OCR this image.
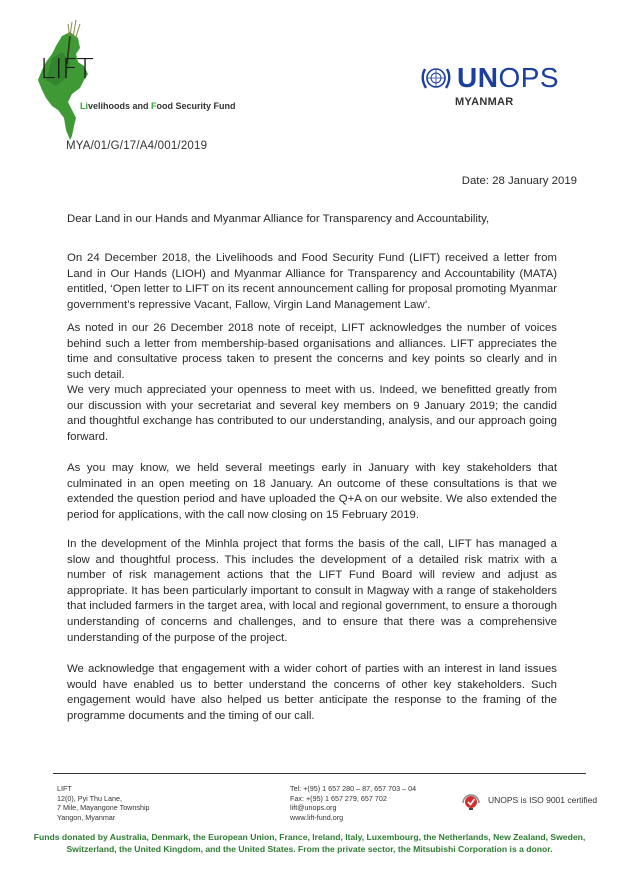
LIFT
Livelihoods and Food Security Fund
MYA/01/G/17/A4/001/2019
UNOPS
MYANMAR
Date: 28 January 2019
Dear Land in our Hands and Myanmar Alliance for Transparency and Accountability,

On 24 December 2018, the Livelihoods and Food Security Fund (LIFT) received a letter from Land in Our Hands (LIOH) and Myanmar Alliance for Transparency and Accountability (MATA) entitled, ‘Open letter to LIFT on its recent announcement calling for proposal promoting Myanmar government’s repressive Vacant, Fallow, Virgin Land Management Law’.

As noted in our 26 December 2018 note of receipt, LIFT acknowledges the number of voices behind such a letter from membership-based organisations and alliances. LIFT appreciates the time and consultative process taken to present the concerns and key points so clearly and in such detail.

We very much appreciated your openness to meet with us. Indeed, we benefitted greatly from our discussion with your secretariat and several key members on 9 January 2019; the candid and thoughtful exchange has contributed to our understanding, analysis, and our approach going forward.

As you may know, we held several meetings early in January with key stakeholders that culminated in an open meeting on 18 January. An outcome of these consultations is that we extended the question period and have uploaded the Q+A on our website. We also extended the period for applications, with the call now closing on 15 February 2019.

In the development of the Minhla project that forms the basis of the call, LIFT has managed a slow and thoughtful process. This includes the development of a detailed risk matrix with a number of risk management actions that the LIFT Fund Board will review and adjust as appropriate. It has been particularly important to consult in Magway with a range of stakeholders that included farmers in the target area, with local and regional government, to ensure a thorough understanding of concerns and challenges, and to ensure that there was a comprehensive understanding of the purpose of the project.

We acknowledge that engagement with a wider cohort of parties with an interest in land issues would have enabled us to better understand the concerns of other key stakeholders. Such engagement would have also helped us better anticipate the response to the framing of the programme documents and the timing of our call.

LIFT
12(0), Pyi Thu Lane,
7 Mile, Mayangone Township
Yangon, Myanmar
Tel: +(95) 1 657 280 – 87, 657 703 – 04
Fax: +(95) 1 657 279, 657 702
lift@unops.org
www.lift-fund.org
UNOPS is ISO 9001 certified
Funds donated by Australia, Denmark, the European Union, France, Ireland, Italy, Luxembourg, the Netherlands, New Zealand, Sweden,
Switzerland, the United Kingdom, and the United States. From the private sector, the Mitsubishi Corporation is a donor.
